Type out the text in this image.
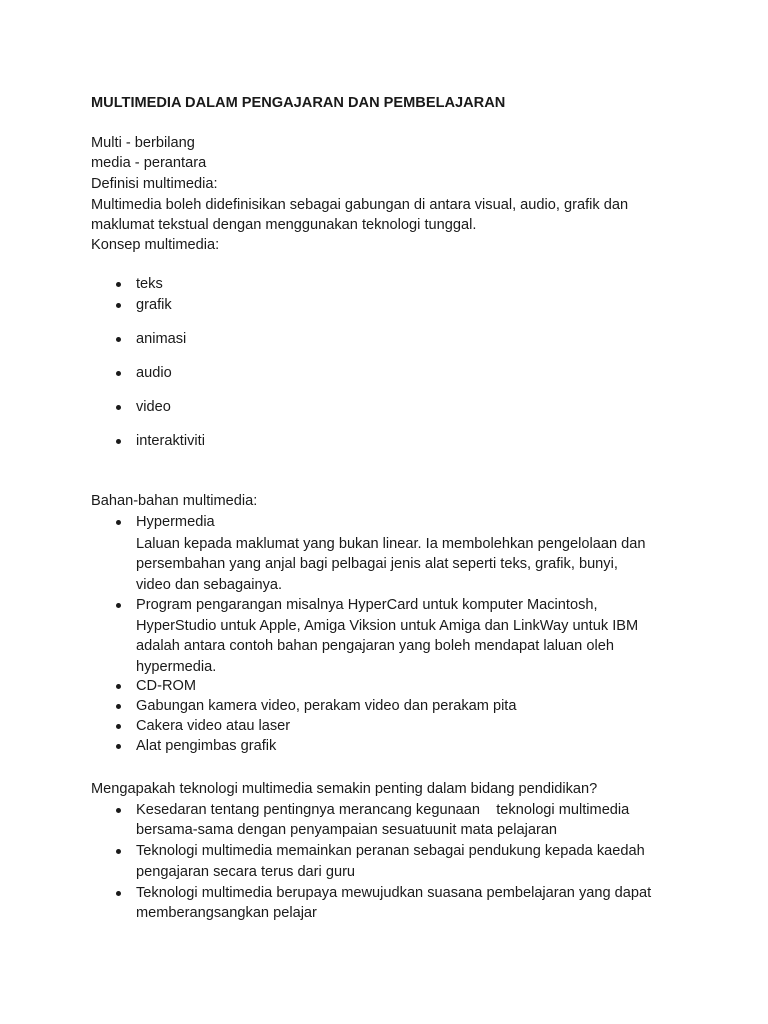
MULTIMEDIA DALAM PENGAJARAN DAN PEMBELAJARAN
Multi - berbilang
media - perantara
Definisi multimedia:
Multimedia boleh didefinisikan sebagai gabungan di antara visual, audio, grafik dan
maklumat tekstual dengan menggunakan teknologi tunggal.
Konsep multimedia:
teks
grafik
animasi
audio
video
interaktiviti
Bahan-bahan multimedia:
Hypermedia
Laluan kepada maklumat yang bukan linear. Ia membolehkan pengelolaan dan
persembahan yang anjal bagi pelbagai jenis alat seperti teks, grafik, bunyi,
video dan sebagainya.
Program pengarangan misalnya HyperCard untuk komputer Macintosh,
HyperStudio untuk Apple, Amiga Viksion untuk Amiga dan LinkWay untuk IBM
adalah antara contoh bahan pengajaran yang boleh mendapat laluan oleh
hypermedia.
CD-ROM
Gabungan kamera video, perakam video dan perakam pita
Cakera video atau laser
Alat pengimbas grafik
Mengapakah teknologi multimedia semakin penting dalam bidang pendidikan?
Kesedaran tentang pentingnya merancang kegunaan    teknologi multimedia
bersama-sama dengan penyampaian sesuatuunit mata pelajaran
Teknologi multimedia memainkan peranan sebagai pendukung kepada kaedah
pengajaran secara terus dari guru
Teknologi multimedia berupaya mewujudkan suasana pembelajaran yang dapat
memberangsangkan pelajar
